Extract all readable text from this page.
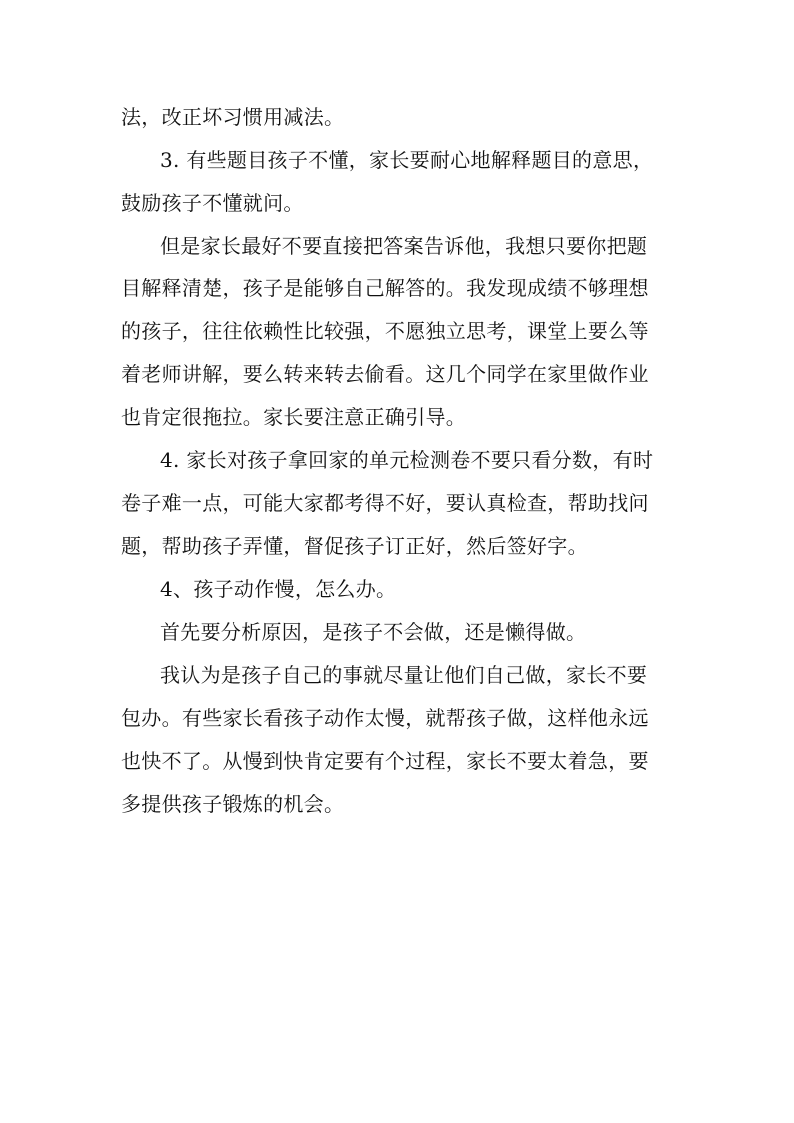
法，改正坏习惯用减法。
3. 有些题目孩子不懂，家长要耐心地解释题目的意思，
鼓励孩子不懂就问。
但是家长最好不要直接把答案告诉他，我想只要你把题
目解释清楚，孩子是能够自己解答的。我发现成绩不够理想
的孩子，往往依赖性比较强，不愿独立思考，课堂上要么等
着老师讲解，要么转来转去偷看。这几个同学在家里做作业
也肯定很拖拉。家长要注意正确引导。
4. 家长对孩子拿回家的单元检测卷不要只看分数，有时
卷子难一点，可能大家都考得不好，要认真检查，帮助找问
题，帮助孩子弄懂，督促孩子订正好，然后签好字。
4、孩子动作慢，怎么办。
首先要分析原因，是孩子不会做，还是懒得做。
我认为是孩子自己的事就尽量让他们自己做，家长不要
包办。有些家长看孩子动作太慢，就帮孩子做，这样他永远
也快不了。从慢到快肯定要有个过程，家长不要太着急，要
多提供孩子锻炼的机会。
